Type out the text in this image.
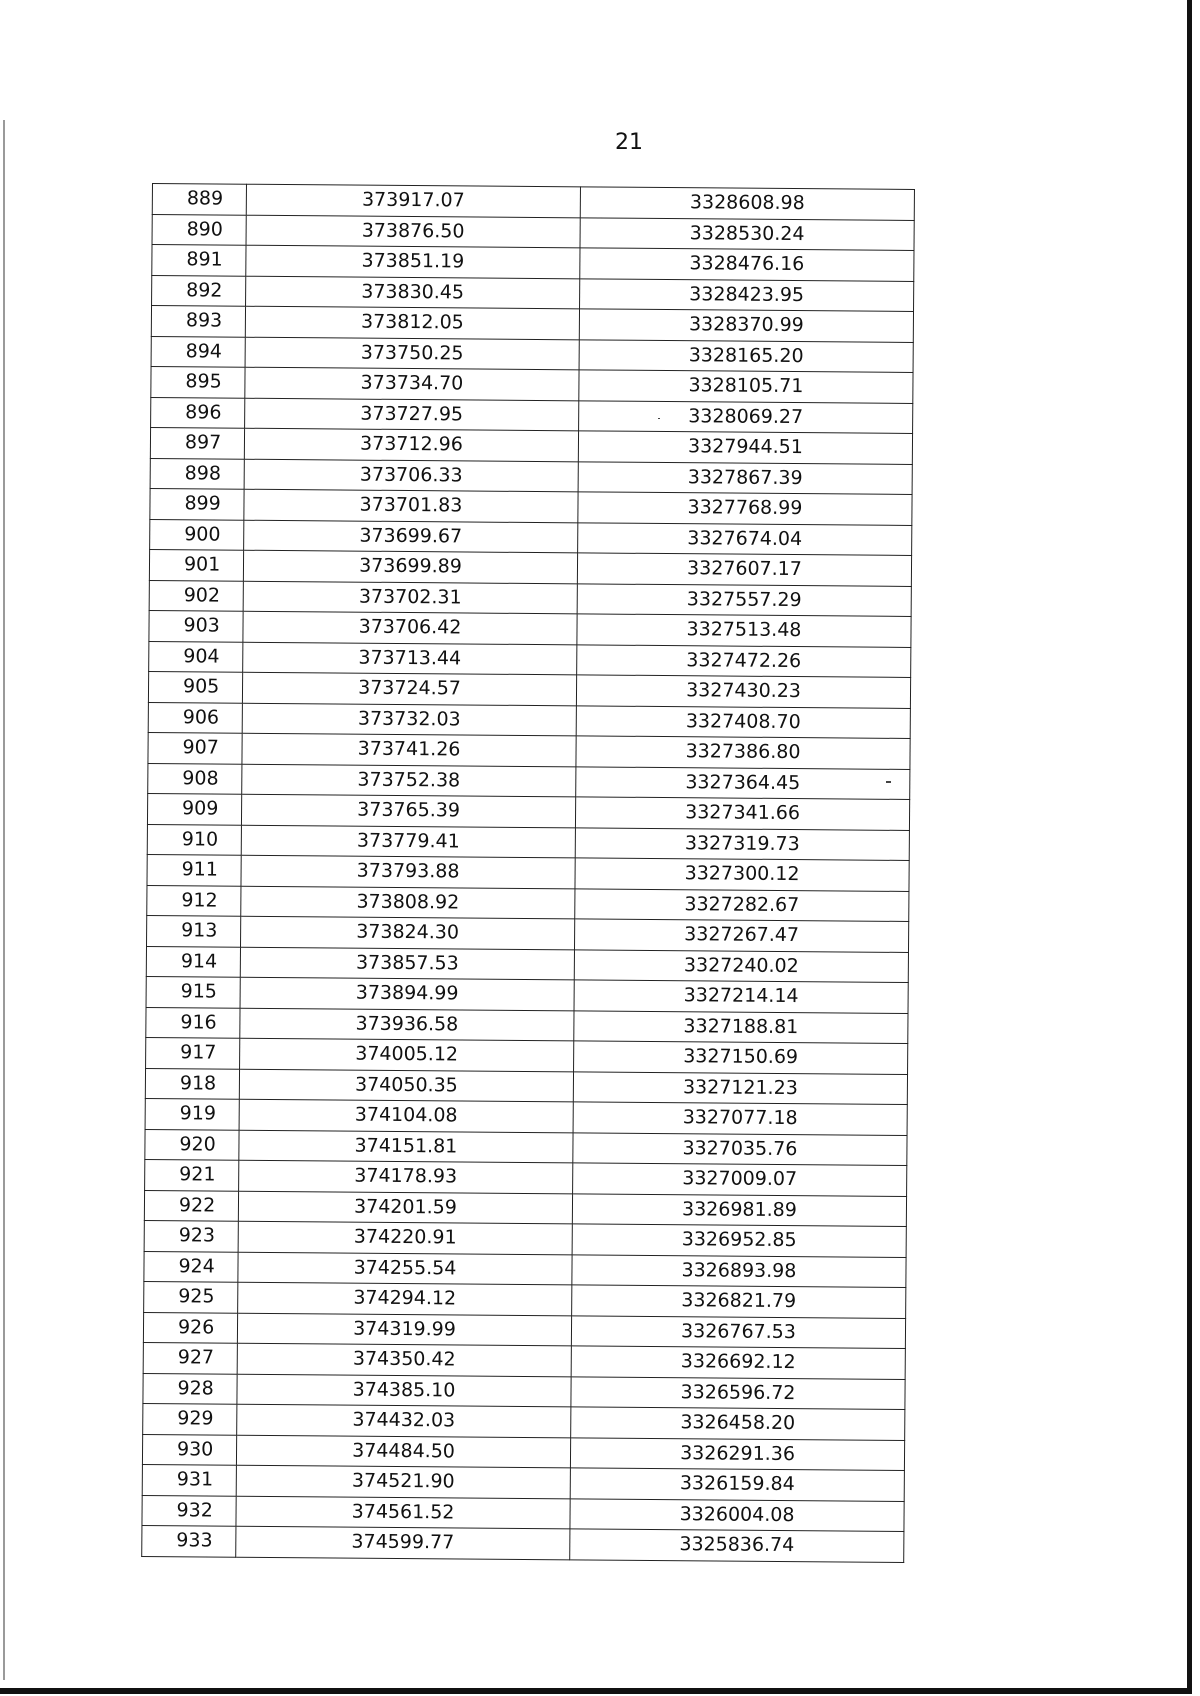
21
889	373917.07	3328608.98
890	373876.50	3328530.24
891	373851.19	3328476.16
892	373830.45	3328423.95
893	373812.05	3328370.99
894	373750.25	3328165.20
895	373734.70	3328105.71
896	373727.95	3328069.27
897	373712.96	3327944.51
898	373706.33	3327867.39
899	373701.83	3327768.99
900	373699.67	3327674.04
901	373699.89	3327607.17
902	373702.31	3327557.29
903	373706.42	3327513.48
904	373713.44	3327472.26
905	373724.57	3327430.23
906	373732.03	3327408.70
907	373741.26	3327386.80
908	373752.38	3327364.45
909	373765.39	3327341.66
910	373779.41	3327319.73
911	373793.88	3327300.12
912	373808.92	3327282.67
913	373824.30	3327267.47
914	373857.53	3327240.02
915	373894.99	3327214.14
916	373936.58	3327188.81
917	374005.12	3327150.69
918	374050.35	3327121.23
919	374104.08	3327077.18
920	374151.81	3327035.76
921	374178.93	3327009.07
922	374201.59	3326981.89
923	374220.91	3326952.85
924	374255.54	3326893.98
925	374294.12	3326821.79
926	374319.99	3326767.53
927	374350.42	3326692.12
928	374385.10	3326596.72
929	374432.03	3326458.20
930	374484.50	3326291.36
931	374521.90	3326159.84
932	374561.52	3326004.08
933	374599.77	3325836.74
